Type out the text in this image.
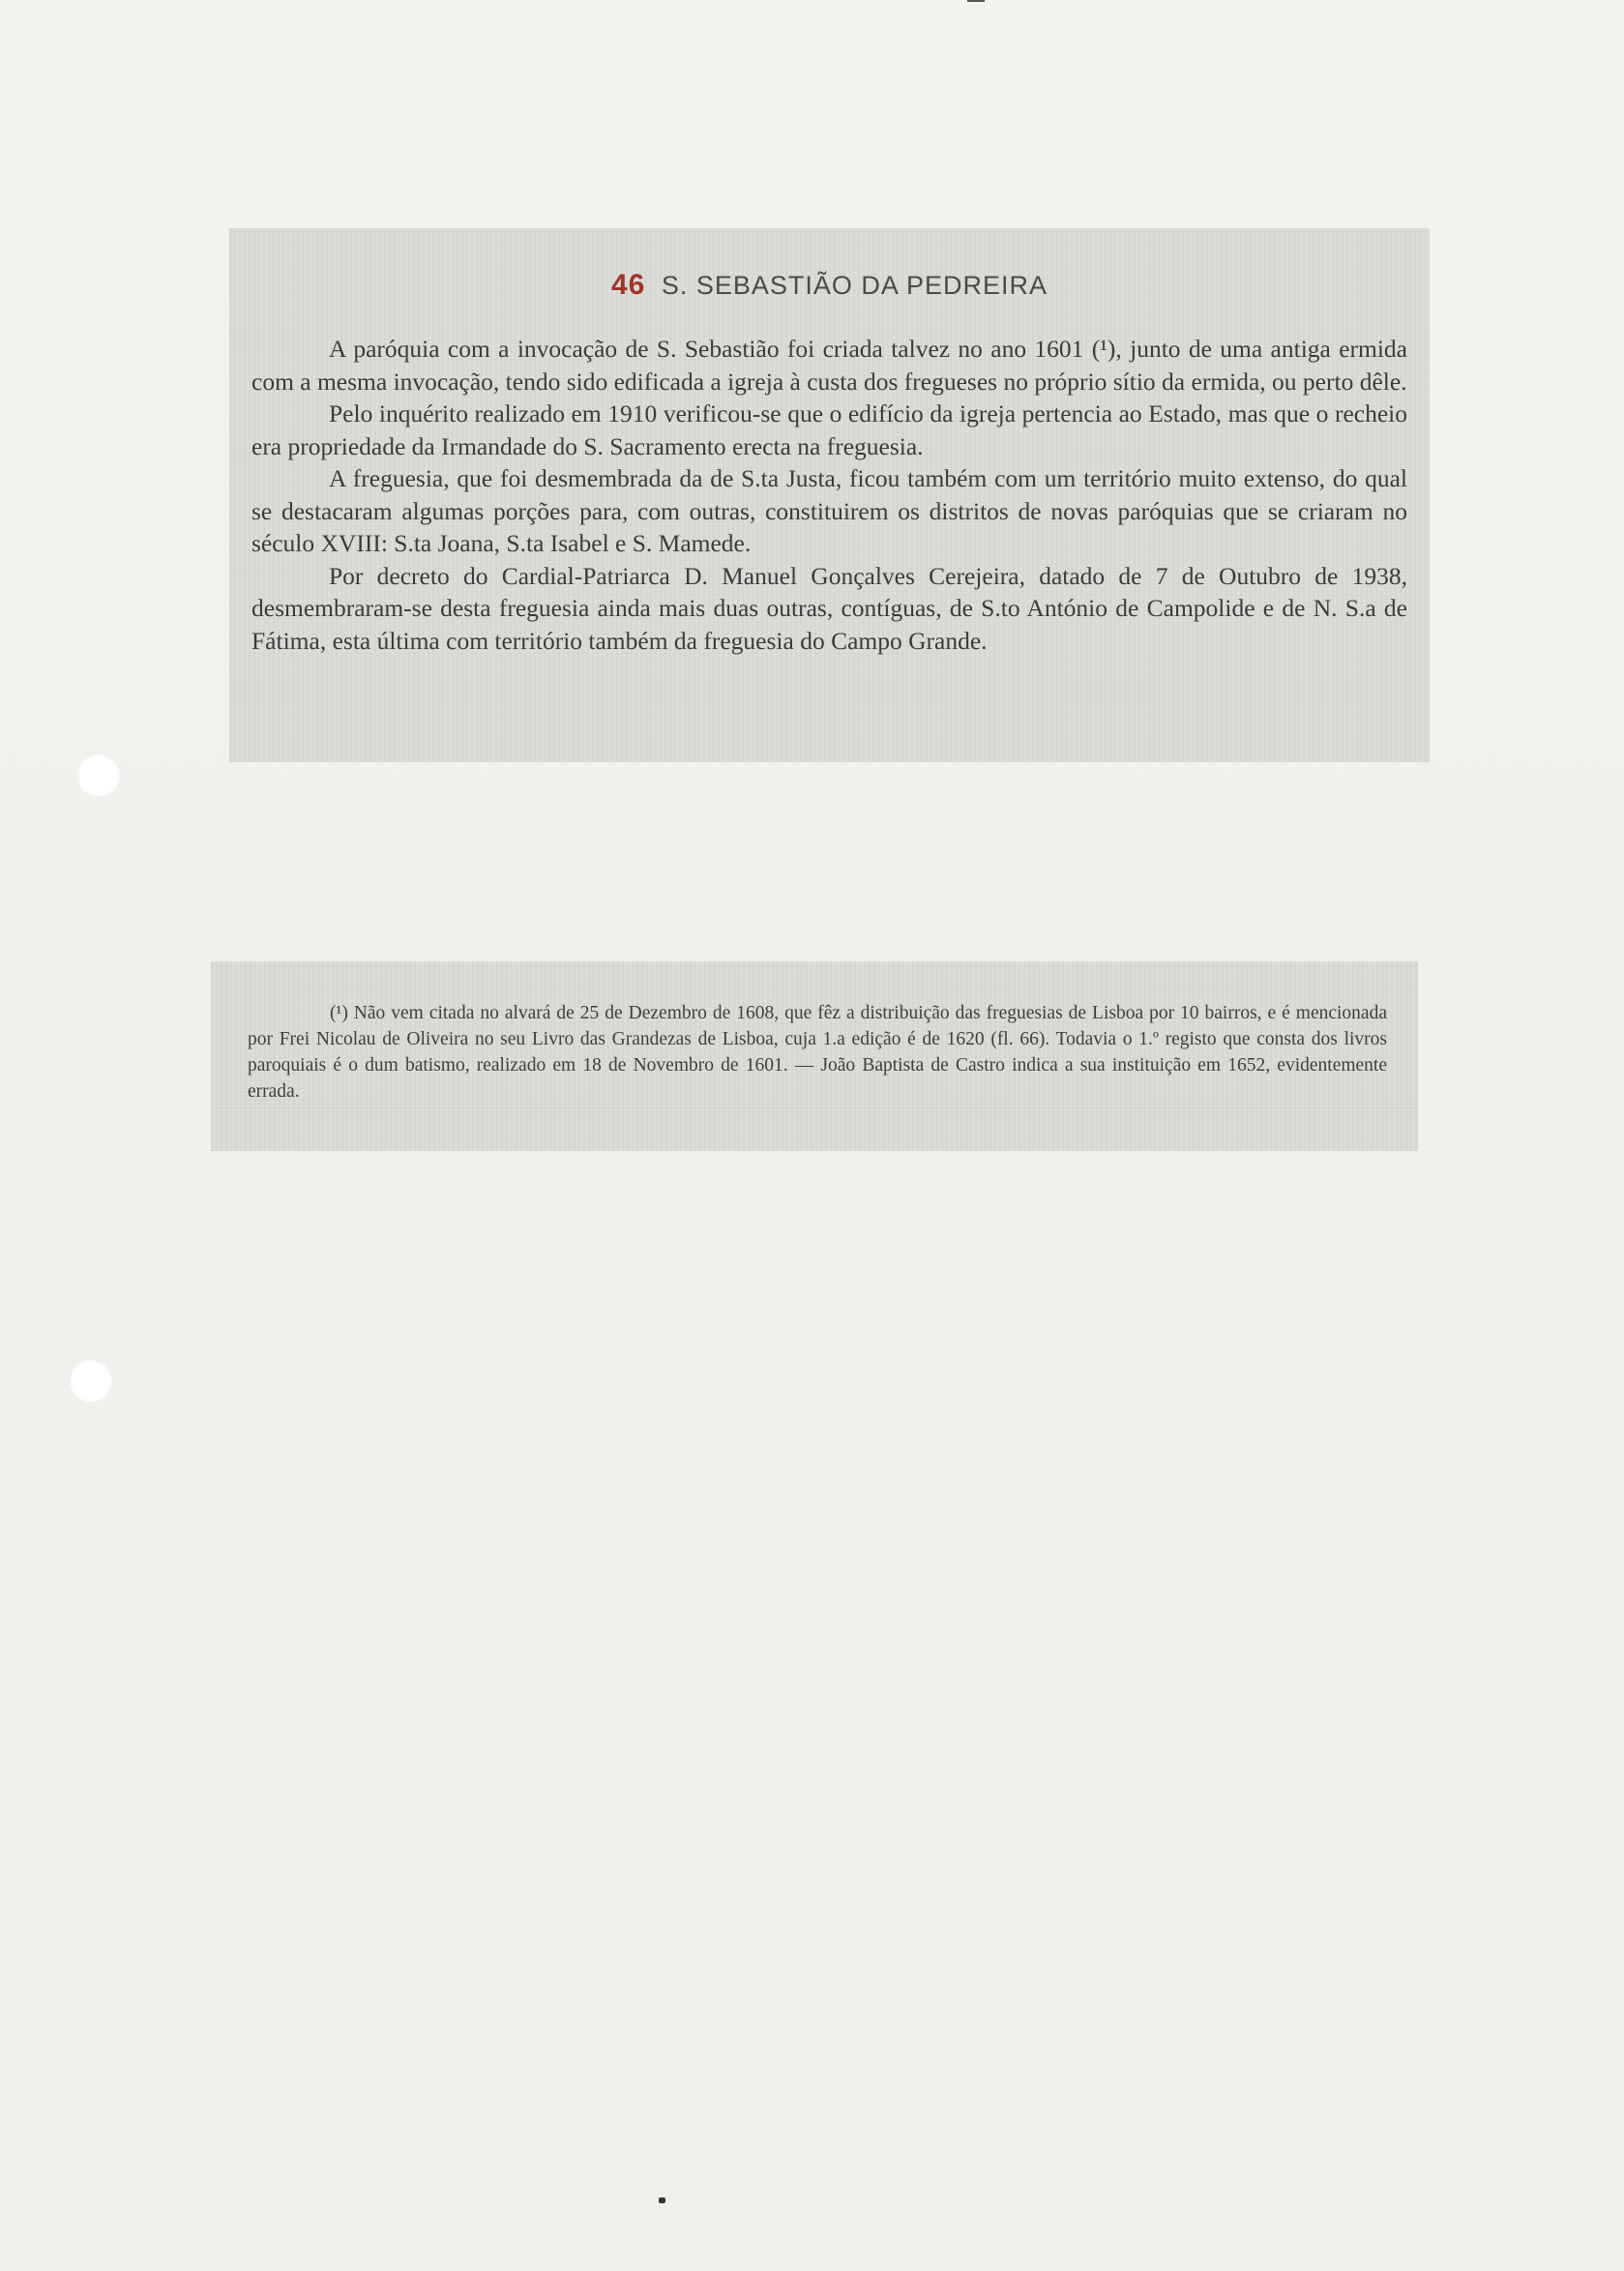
46 S. SEBASTIÃO DA PEDREIRA

A paróquia com a invocação de S. Sebastião foi criada talvez no ano 1601 (¹), junto de uma antiga ermida com a mesma invocação, tendo sido edificada a igreja à custa dos fregueses no próprio sítio da ermida, ou perto dêle.

Pelo inquérito realizado em 1910 verificou-se que o edifício da igreja pertencia ao Estado, mas que o recheio era propriedade da Irmandade do S. Sacramento erecta na freguesia.

A freguesia, que foi desmembrada da de S.ta Justa, ficou também com um território muito extenso, do qual se destacaram algumas porções para, com outras, constituirem os distritos de novas paróquias que se criaram no século XVIII: S.ta Joana, S.ta Isabel e S. Mamede.

Por decreto do Cardial-Patriarca D. Manuel Gonçalves Cerejeira, datado de 7 de Outubro de 1938, desmembraram-se desta freguesia ainda mais duas outras, contíguas, de S.to António de Campolide e de N. S.a de Fátima, esta última com território também da freguesia do Campo Grande.

(¹) Não vem citada no alvará de 25 de Dezembro de 1608, que fêz a distribuição das freguesias de Lisboa por 10 bairros, e é mencionada por Frei Nicolau de Oliveira no seu Livro das Grandezas de Lisboa, cuja 1.a edição é de 1620 (fl. 66). Todavia o 1.º registo que consta dos livros paroquiais é o dum batismo, realizado em 18 de Novembro de 1601. — João Baptista de Castro indica a sua instituição em 1652, evidentemente errada.
